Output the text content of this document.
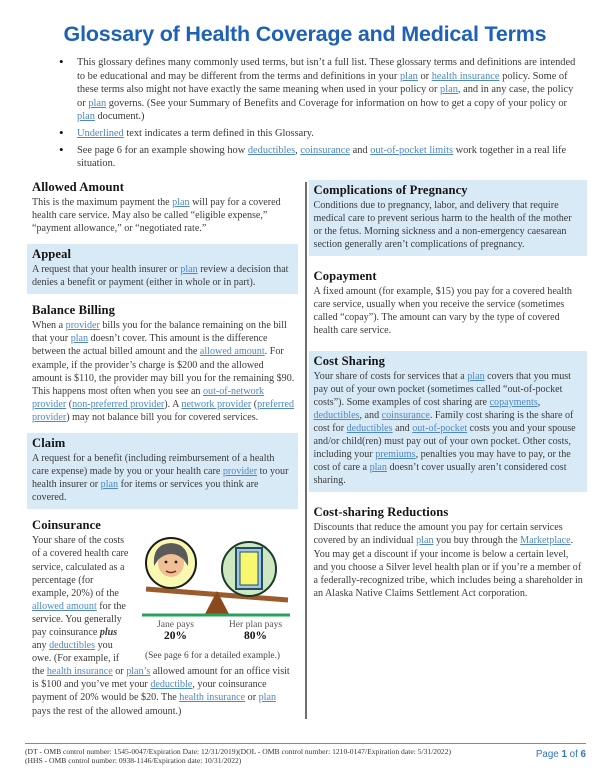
Glossary of Health Coverage and Medical Terms
• This glossary defines many commonly used terms, but isn’t a full list. These glossary terms and definitions are intended to be educational and may be different from the terms and definitions in your plan or health insurance policy. Some of these terms also might not have exactly the same meaning when used in your policy or plan, and in any case, the policy or plan governs. (See your Summary of Benefits and Coverage for information on how to get a copy of your policy or plan document.)
• Underlined text indicates a term defined in this Glossary.
• See page 6 for an example showing how deductibles, coinsurance and out-of-pocket limits work together in a real life situation.
Allowed Amount
This is the maximum payment the plan will pay for a covered health care service. May also be called “eligible expense,” “payment allowance,” or “negotiated rate.”
Appeal
A request that your health insurer or plan review a decision that denies a benefit or payment (either in whole or in part).
Balance Billing
When a provider bills you for the balance remaining on the bill that your plan doesn’t cover. This amount is the difference between the actual billed amount and the allowed amount. For example, if the provider’s charge is $200 and the allowed amount is $110, the provider may bill you for the remaining $90. This happens most often when you see an out-of-network provider (non-preferred provider). A network provider (preferred provider) may not balance bill you for covered services.
Claim
A request for a benefit (including reimbursement of a health care expense) made by you or your health care provider to your health insurer or plan for items or services you think are covered.
Coinsurance
Jane pays
20%
Her plan pays
80%
(See page 6 for a detailed example.)
Your share of the costs of a covered health care service, calculated as a percentage (for example, 20%) of the allowed amount for the service. You generally pay coinsurance plus any deductibles you owe. (For example, if the health insurance or plan’s allowed amount for an office visit is $100 and you’ve met your deductible, your coinsurance payment of 20% would be $20. The health insurance or plan pays the rest of the allowed amount.)
Complications of Pregnancy
Conditions due to pregnancy, labor, and delivery that require medical care to prevent serious harm to the health of the mother or the fetus. Morning sickness and a non-emergency caesarean section generally aren’t complications of pregnancy.
Copayment
A fixed amount (for example, $15) you pay for a covered health care service, usually when you receive the service (sometimes called “copay”). The amount can vary by the type of covered health care service.
Cost Sharing
Your share of costs for services that a plan covers that you must pay out of your own pocket (sometimes called “out-of-pocket costs”). Some examples of cost sharing are copayments, deductibles, and coinsurance. Family cost sharing is the share of cost for deductibles and out-of-pocket costs you and your spouse and/or child(ren) must pay out of your own pocket. Other costs, including your premiums, penalties you may have to pay, or the cost of care a plan doesn’t cover usually aren’t considered cost sharing.
Cost-sharing Reductions
Discounts that reduce the amount you pay for certain services covered by an individual plan you buy through the Marketplace. You may get a discount if your income is below a certain level, and you choose a Silver level health plan or if you’re a member of a federally-recognized tribe, which includes being a shareholder in an Alaska Native Claims Settlement Act corporation.
(DT - OMB control number: 1545-0047/Expiration Date: 12/31/2019)(DOL - OMB control number: 1210-0147/Expiration date: 5/31/2022)
(HHS - OMB control number: 0938-1146/Expiration date: 10/31/2022)
Page 1 of 6
